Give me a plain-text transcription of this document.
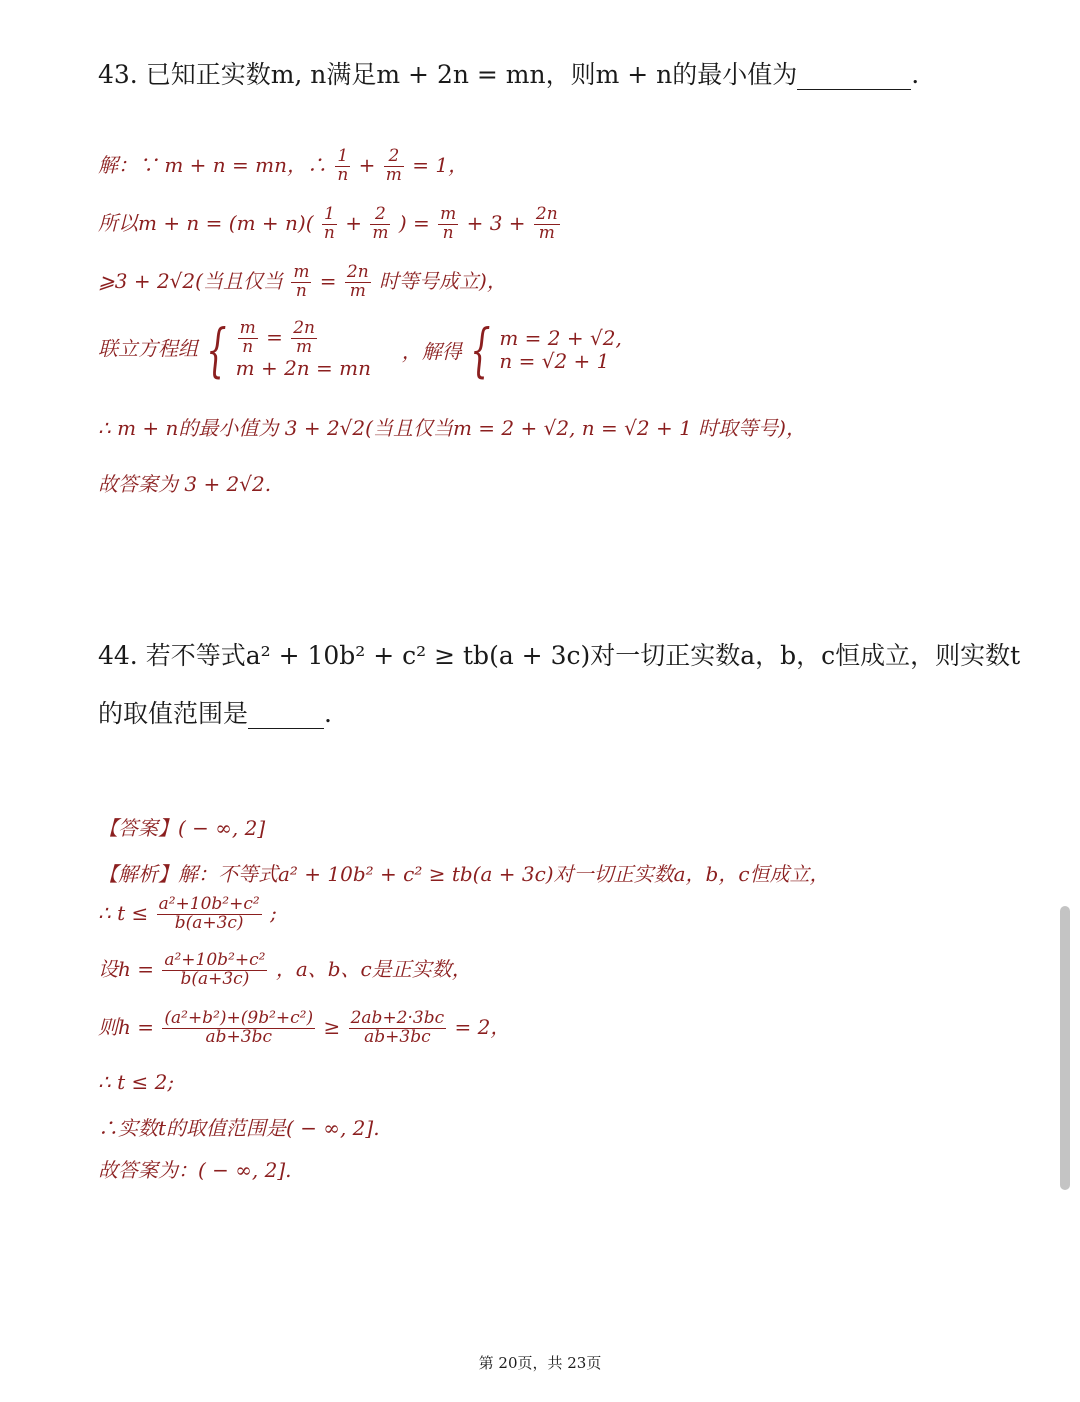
43. 已知正实数m, n满足m + 2n = mn，则m + n的最小值为	.
解：∵ m + n = mn，∴ $\frac{1}{n} + \frac{2}{m} = 1$，
所以$m + n = (m + n)( \frac{1}{n} + \frac{2}{m}$ ) = $\frac{m}{n} + 3 + \frac{2n}{m}$
⩾3 + 2√2(当且仅当 $\frac{m}{n} = \frac{2n}{m}$ 时等号成立)，
联立方程组 { $\frac{m}{n} = \frac{2n}{m}$
m + 2n = mn
，解得 { m = 2 + √2,
n = √2 + 1
∴ m + n的最小值为 3 + 2√2(当且仅当m = 2 + √2, n = √2 + 1 时取等号)，
故答案为 3 + 2√2.
44. 若不等式a² + 10b² + c² ≥ tb(a + 3c)对一切正实数a，b，c恒成立，则实数t
的取值范围是	.
【答案】( − ∞, 2]
【解析】解：不等式a² + 10b² + c² ≥ tb(a + 3c)对一切正实数a，b，c恒成立，
∴ $t \le \frac{\text{a²+10b²+c²}}{b(a+3c)}$ ;
设$h = \frac{\text{a²+10b²+c²}}{b(a+3c)}$ ，a、b、c是正实数，
则$h = \frac{\text{(a²+b²)+(9b²+c²)}}{ab+3bc} \ge \frac{2ab+2\cdot 3bc}{ab+3bc} = 2$，
∴ t ≤ 2;
∴实数t的取值范围是( − ∞, 2].
故答案为：( − ∞, 2].
第 20页，共 23页
